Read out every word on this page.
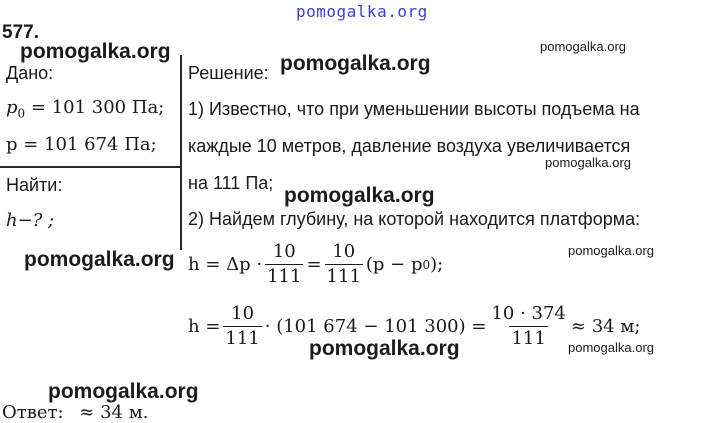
pomogalka.org
577.
Дано:
$p_0 = 101$ 300 Па;
p = 101 674 Па;
Найти:
h−? ;
Решение:
1) Известно, что при уменьшении высоты подъема на
каждые 10 метров, давление воздуха увеличивается
на 111 Па;
2) Найдем глубину, на которой находится платформа:
$h = \Delta p \cdot \frac{10}{111} = \frac{10}{111} (p - p$ 0 );
$h = \frac{10}{111} \cdot (101$ 674 − 101 $300) = \frac{10 \cdot 374}{111} \approx 34$ м;
Ответ: ≈ 34 м.
pomogalka.org
pomogalka.org
pomogalka.org
pomogalka.org
pomogalka.org
pomogalka.org
pomogalka.org
pomogalka.org
pomogalka.org
pomogalka.org
